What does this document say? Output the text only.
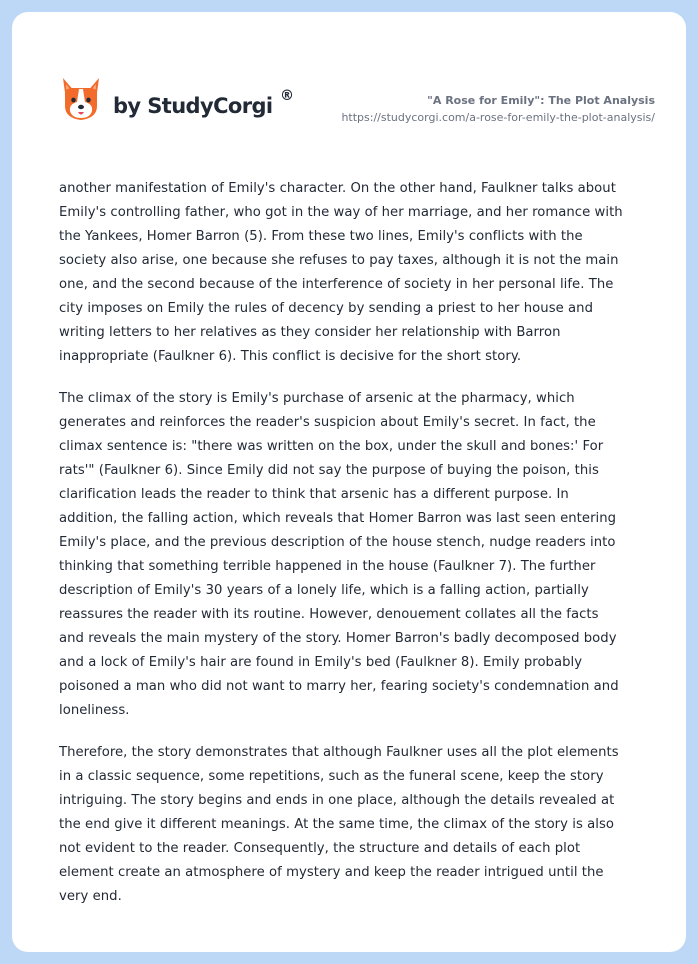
by StudyCorgi ®	"A Rose for Emily": The Plot Analysis
https://studycorgi.com/a-rose-for-emily-the-plot-analysis/

another manifestation of Emily's character. On the other hand, Faulkner talks about
Emily's controlling father, who got in the way of her marriage, and her romance with
the Yankees, Homer Barron (5). From these two lines, Emily's conflicts with the
society also arise, one because she refuses to pay taxes, although it is not the main
one, and the second because of the interference of society in her personal life. The
city imposes on Emily the rules of decency by sending a priest to her house and
writing letters to her relatives as they consider her relationship with Barron
inappropriate (Faulkner 6). This conflict is decisive for the short story.

The climax of the story is Emily's purchase of arsenic at the pharmacy, which
generates and reinforces the reader's suspicion about Emily's secret. In fact, the
climax sentence is: "there was written on the box, under the skull and bones:' For
rats'" (Faulkner 6). Since Emily did not say the purpose of buying the poison, this
clarification leads the reader to think that arsenic has a different purpose. In
addition, the falling action, which reveals that Homer Barron was last seen entering
Emily's place, and the previous description of the house stench, nudge readers into
thinking that something terrible happened in the house (Faulkner 7). The further
description of Emily's 30 years of a lonely life, which is a falling action, partially
reassures the reader with its routine. However, denouement collates all the facts
and reveals the main mystery of the story. Homer Barron's badly decomposed body
and a lock of Emily's hair are found in Emily's bed (Faulkner 8). Emily probably
poisoned a man who did not want to marry her, fearing society's condemnation and
loneliness.

Therefore, the story demonstrates that although Faulkner uses all the plot elements
in a classic sequence, some repetitions, such as the funeral scene, keep the story
intriguing. The story begins and ends in one place, although the details revealed at
the end give it different meanings. At the same time, the climax of the story is also
not evident to the reader. Consequently, the structure and details of each plot
element create an atmosphere of mystery and keep the reader intrigued until the
very end.
